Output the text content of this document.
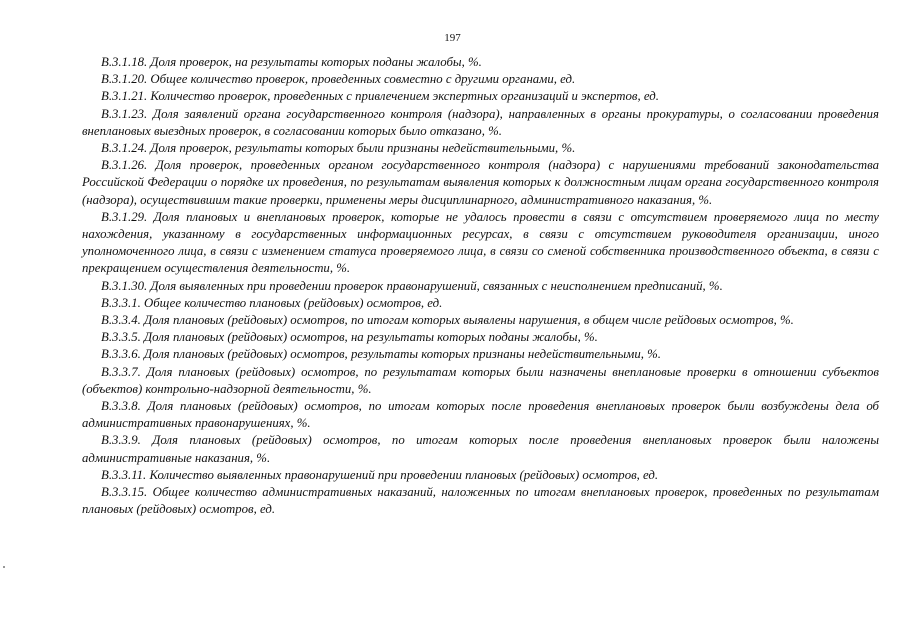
197

В.3.1.18. Доля проверок, на результаты которых поданы жалобы, %.

В.3.1.20. Общее количество проверок, проведенных совместно с другими органами, ед.

В.3.1.21. Количество проверок, проведенных с привлечением экспертных организаций и экспертов, ед.

В.3.1.23. Доля заявлений органа государственного контроля (надзора), направленных в органы прокуратуры, о согласовании проведения внеплановых выездных проверок, в согласовании которых было отказано, %.

В.3.1.24. Доля проверок, результаты которых были признаны недействительными, %.

В.3.1.26. Доля проверок, проведенных органом государственного контроля (надзора) с нарушениями требований законодательства Российской Федерации о порядке их проведения, по результатам выявления которых к должностным лицам органа государственного контроля (надзора), осуществившим такие проверки, применены меры дисциплинарного, административного наказания, %.

В.3.1.29. Доля плановых и внеплановых проверок, которые не удалось провести в связи с отсутствием проверяемого лица по месту нахождения, указанному в государственных информационных ресурсах, в связи с отсутствием руководителя организации, иного уполномоченного лица, в связи с изменением статуса проверяемого лица, в связи со сменой собственника производственного объекта, в связи с прекращением осуществления деятельности, %.

В.3.1.30. Доля выявленных при проведении проверок правонарушений, связанных с неисполнением предписаний, %.

В.3.3.1. Общее количество плановых (рейдовых) осмотров, ед.

В.3.3.4. Доля плановых (рейдовых) осмотров, по итогам которых выявлены нарушения, в общем числе рейдовых осмотров, %.

В.3.3.5. Доля плановых (рейдовых) осмотров, на результаты которых поданы жалобы, %.

В.3.3.6. Доля плановых (рейдовых) осмотров, результаты которых признаны недействительными, %.

В.3.3.7. Доля плановых (рейдовых) осмотров, по результатам которых были назначены внеплановые проверки в отношении субъектов (объектов) контрольно-надзорной деятельности, %.

В.3.3.8. Доля плановых (рейдовых) осмотров, по итогам которых после проведения внеплановых проверок были возбуждены дела об административных правонарушениях, %.

В.3.3.9. Доля плановых (рейдовых) осмотров, по итогам которых после проведения внеплановых проверок были наложены административные наказания, %.

В.3.3.11. Количество выявленных правонарушений при проведении плановых (рейдовых) осмотров, ед.

В.3.3.15. Общее количество административных наказаний, наложенных по итогам внеплановых проверок, проведенных по результатам плановых (рейдовых) осмотров, ед.
